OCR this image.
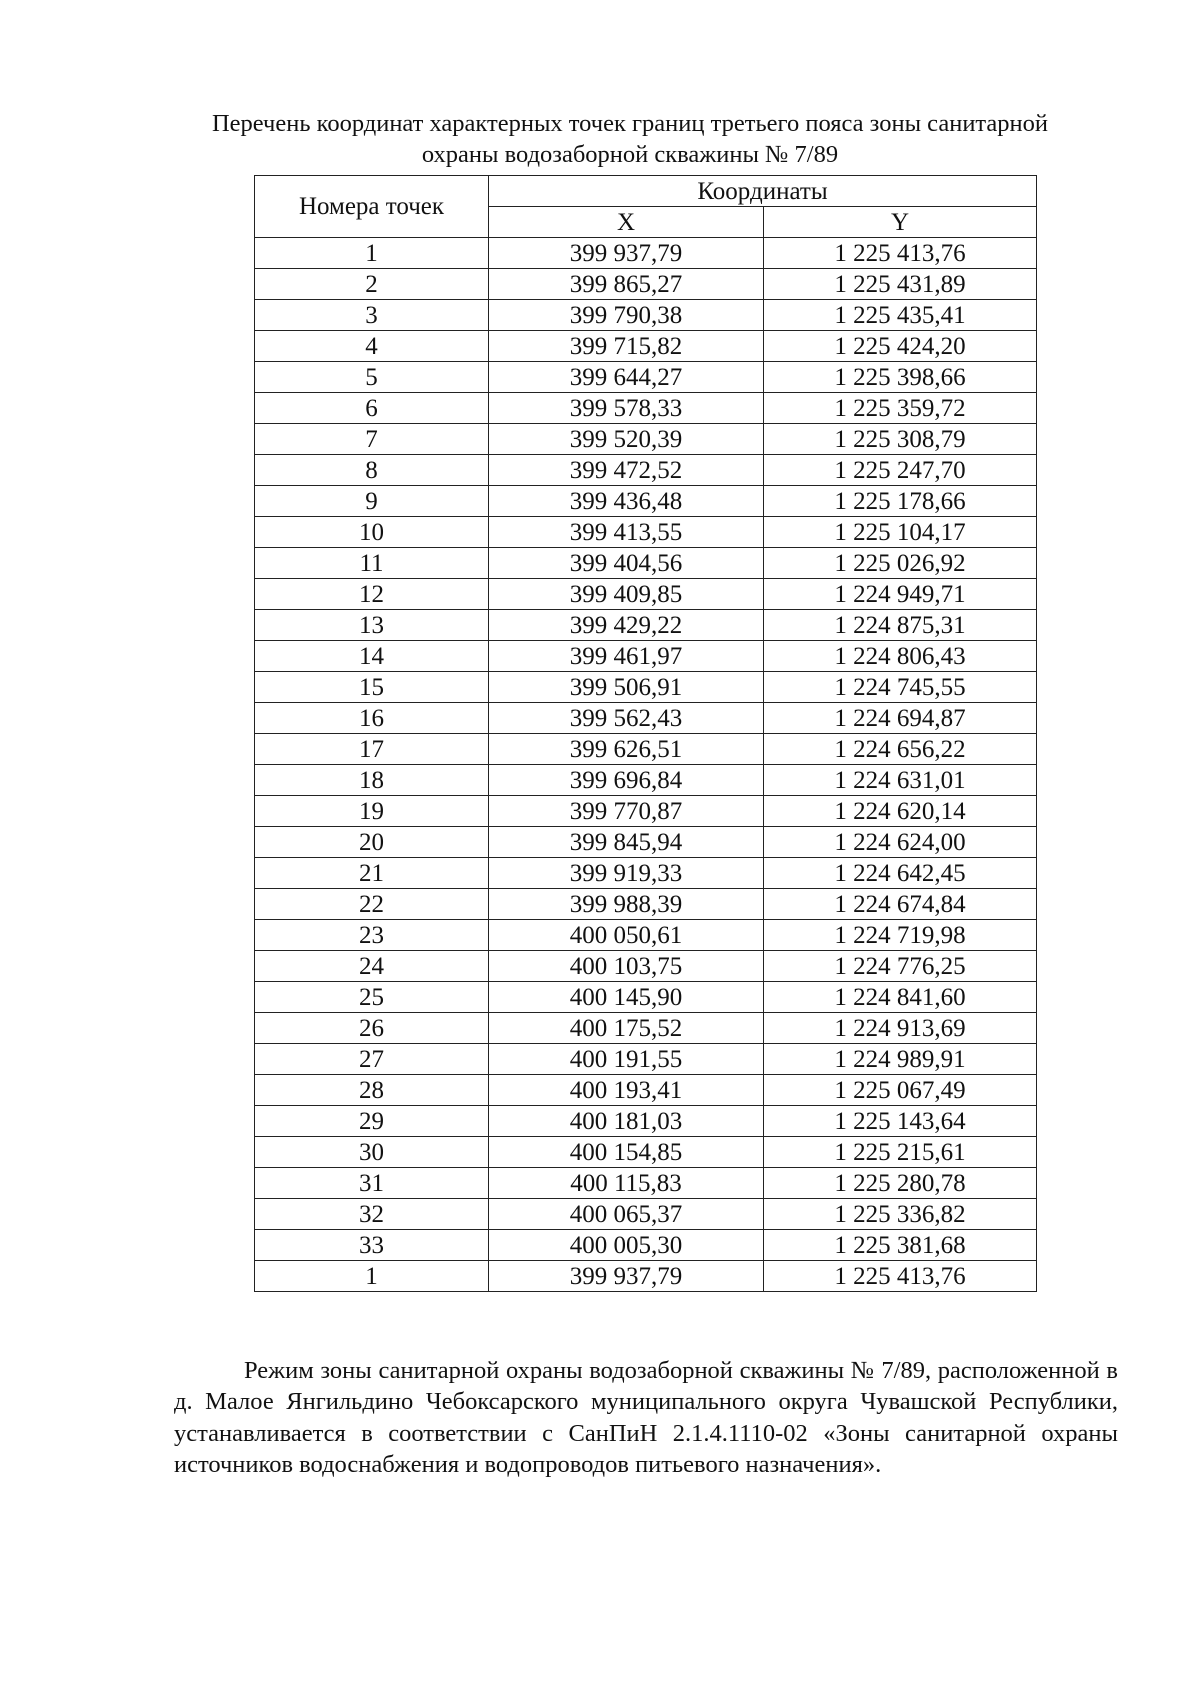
Перечень координат характерных точек границ третьего пояса зоны санитарной
охраны водозаборной скважины № 7/89
Номера точек	Координаты	
	X	Y
1	399 937,79	1 225 413,76
2	399 865,27	1 225 431,89
3	399 790,38	1 225 435,41
4	399 715,82	1 225 424,20
5	399 644,27	1 225 398,66
6	399 578,33	1 225 359,72
7	399 520,39	1 225 308,79
8	399 472,52	1 225 247,70
9	399 436,48	1 225 178,66
10	399 413,55	1 225 104,17
11	399 404,56	1 225 026,92
12	399 409,85	1 224 949,71
13	399 429,22	1 224 875,31
14	399 461,97	1 224 806,43
15	399 506,91	1 224 745,55
16	399 562,43	1 224 694,87
17	399 626,51	1 224 656,22
18	399 696,84	1 224 631,01
19	399 770,87	1 224 620,14
20	399 845,94	1 224 624,00
21	399 919,33	1 224 642,45
22	399 988,39	1 224 674,84
23	400 050,61	1 224 719,98
24	400 103,75	1 224 776,25
25	400 145,90	1 224 841,60
26	400 175,52	1 224 913,69
27	400 191,55	1 224 989,91
28	400 193,41	1 225 067,49
29	400 181,03	1 225 143,64
30	400 154,85	1 225 215,61
31	400 115,83	1 225 280,78
32	400 065,37	1 225 336,82
33	400 005,30	1 225 381,68
1	399 937,79	1 225 413,76

Режим зоны санитарной охраны водозаборной скважины № 7/89, расположенной в д. Малое Янгильдино Чебоксарского муниципального округа Чувашской Республики, устанавливается в соответствии с СанПиН 2.1.4.1110-02 «Зоны санитарной охраны источников водоснабжения и водопроводов питьевого назначения».
